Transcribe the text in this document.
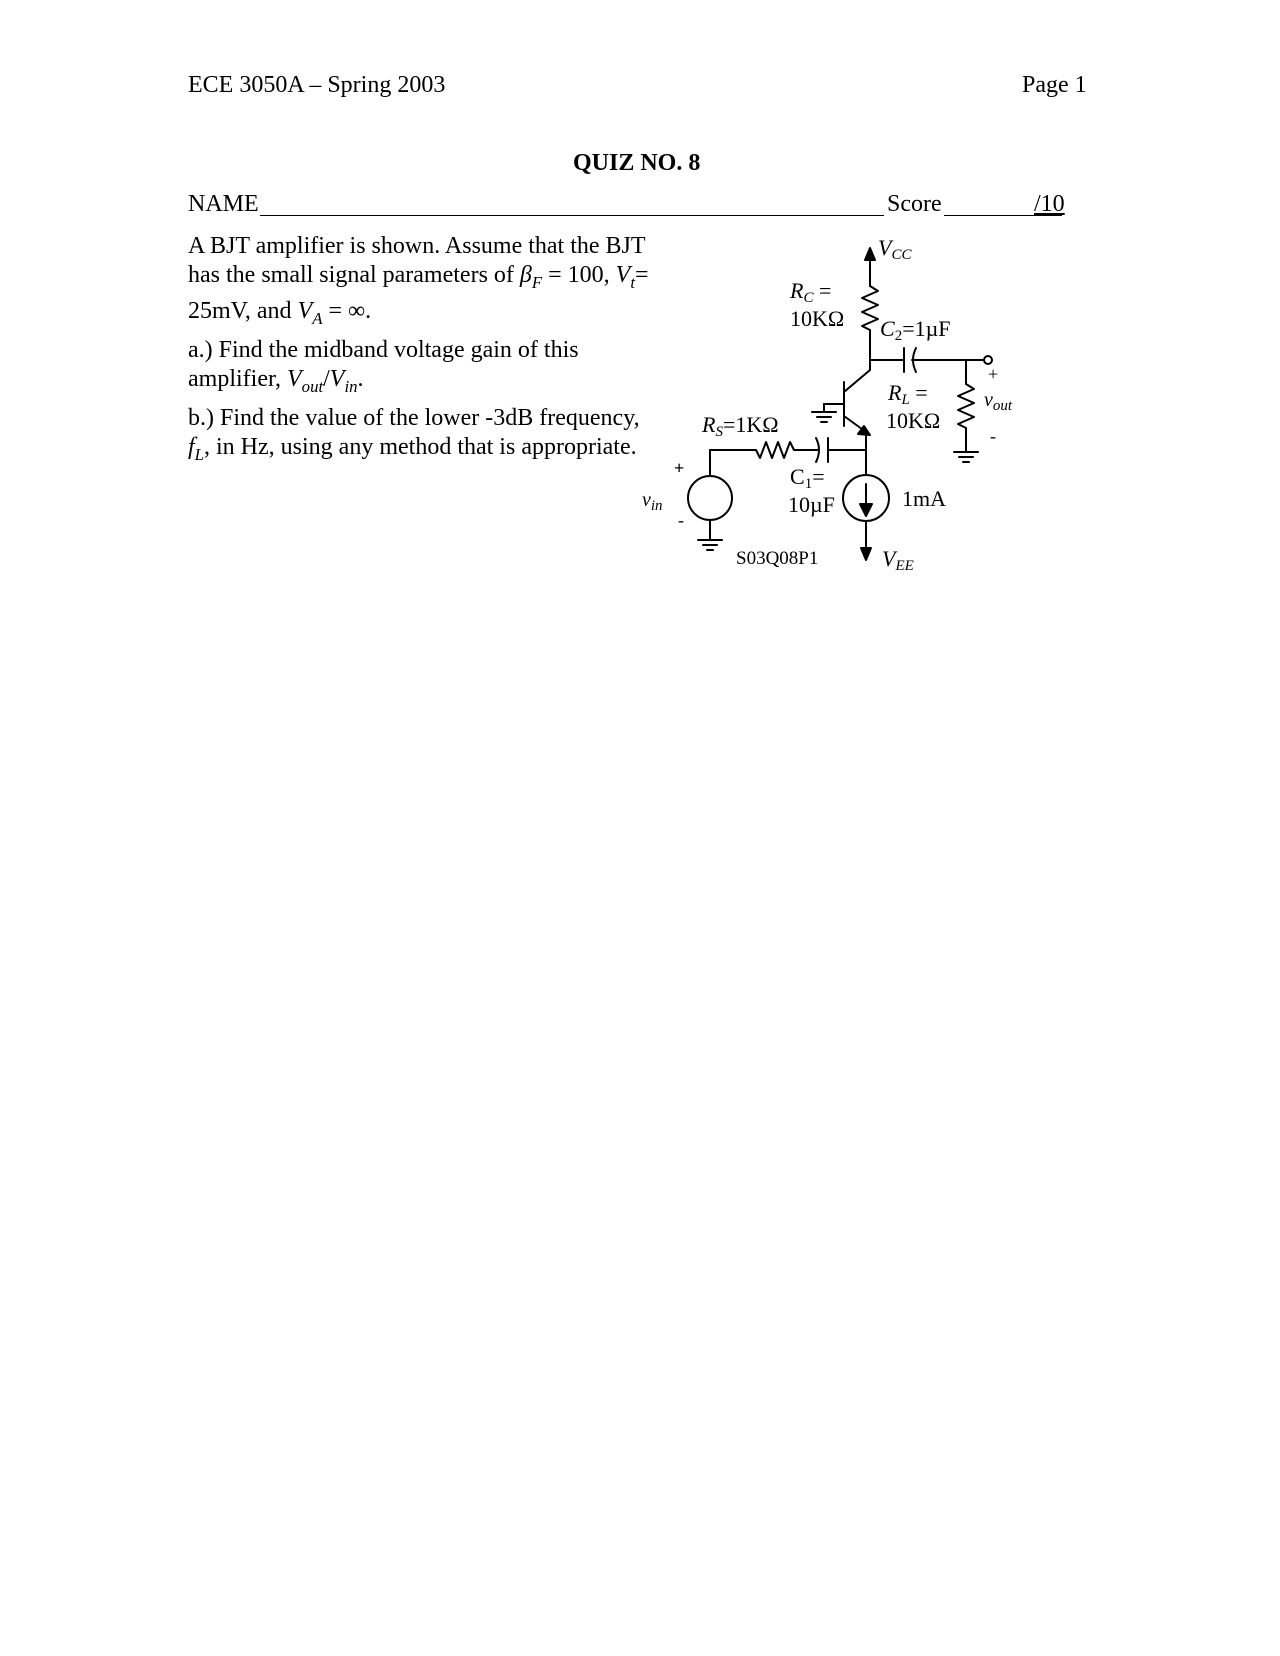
ECE 3050A – Spring 2003	Page 1
QUIZ NO. 8
NAME	Score	/10

A BJT amplifier is shown. Assume that the BJT has the small signal parameters of $\beta_F = 100$, $V_t= 25mV$, and $V_A$ = ∞.

a.) Find the midband voltage gain of this amplifier, $V_{out}/V_{in}$.

b.) Find the value of the lower -3dB frequency, $f_L$, in Hz, using any method that is appropriate.

VCC
RC =
10KΩ C2=1µF
RL =
10KΩ
+
$v_{out}$
-
RS=1KΩ
C1=
10µF
+
$v_{in}$
-
1mA
VEE
S03Q08P1
